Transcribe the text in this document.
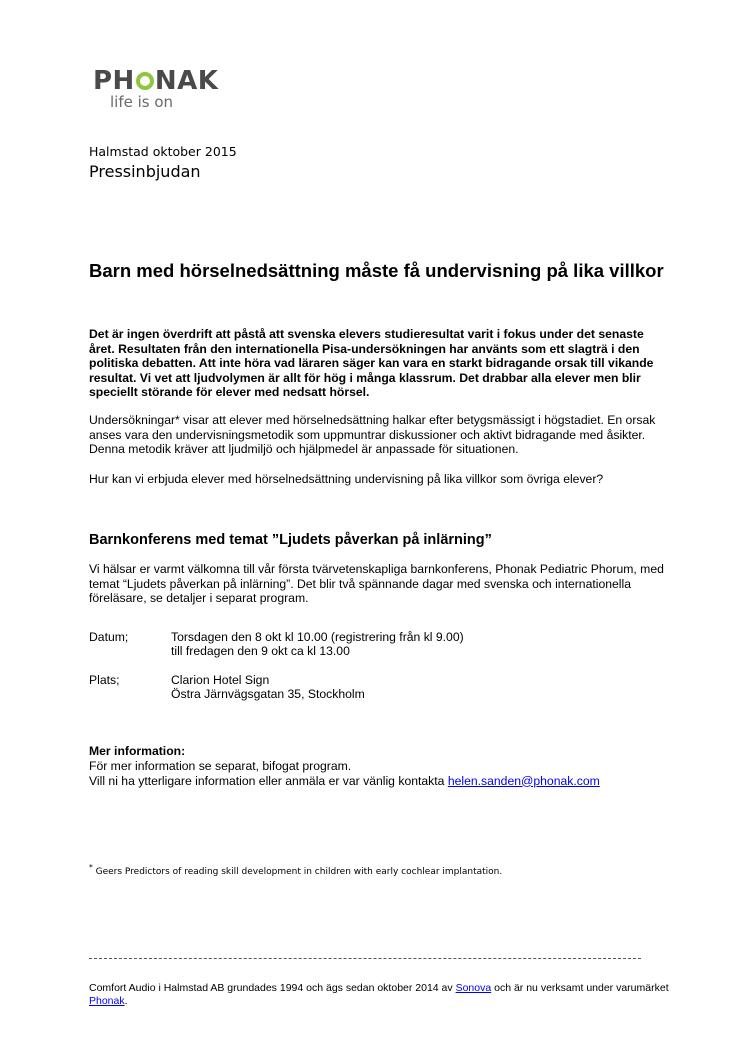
PH NAK
life is on
Halmstad oktober 2015
Pressinbjudan
Barn med hörselnedsättning måste få undervisning på lika villkor
Det är ingen överdrift att påstå att svenska elevers studieresultat varit i fokus under det senaste året. Resultaten från den internationella Pisa-undersökningen har använts som ett slagträ i den politiska debatten. Att inte höra vad läraren säger kan vara en starkt bidragande orsak till vikande resultat. Vi vet att ljudvolymen är allt för hög i många klassrum. Det drabbar alla elever men blir speciellt störande för elever med nedsatt hörsel.
Undersökningar* visar att elever med hörselnedsättning halkar efter betygsmässigt i högstadiet. En orsak anses vara den undervisningsmetodik som uppmuntrar diskussioner och aktivt bidragande med åsikter. Denna metodik kräver att ljudmiljö och hjälpmedel är anpassade för situationen.
Hur kan vi erbjuda elever med hörselnedsättning undervisning på lika villkor som övriga elever?
Barnkonferens med temat ”Ljudets påverkan på inlärning”
Vi hälsar er varmt välkomna till vår första tvärvetenskapliga barnkonferens, Phonak Pediatric Phorum, med temat “Ljudets påverkan på inlärning”. Det blir två spännande dagar med svenska och internationella föreläsare, se detaljer i separat program.
Datum;	Torsdagen den 8 okt kl 10.00 (registrering från kl 9.00)
till fredagen den 9 okt ca kl 13.00
Plats;	Clarion Hotel Sign
Östra Järnvägsgatan 35, Stockholm
Mer information:
För mer information se separat, bifogat program.
Vill ni ha ytterligare information eller anmäla er var vänlig kontakta helen.sanden@phonak.com
* Geers Predictors of reading skill development in children with early cochlear implantation.
Comfort Audio i Halmstad AB grundades 1994 och ägs sedan oktober 2014 av Sonova och är nu verksamt under varumärket Phonak.
